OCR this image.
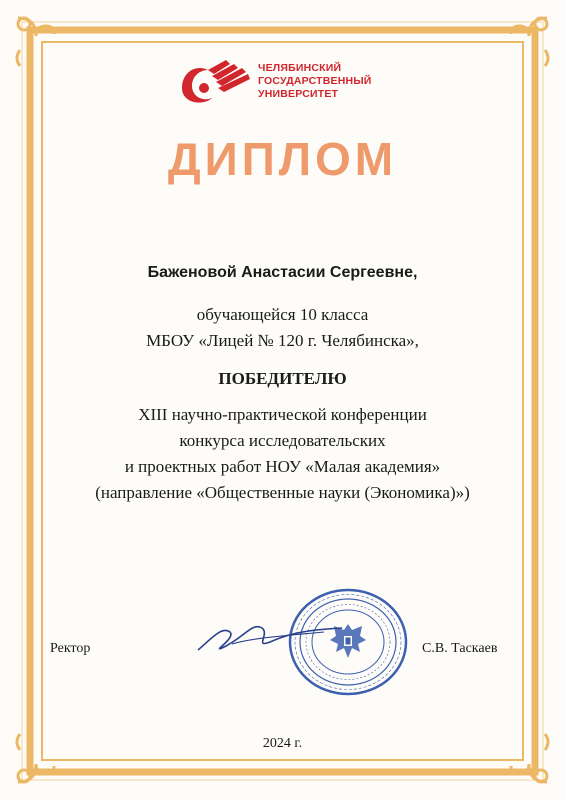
ЧЕЛЯБИНСКИЙ
ГОСУДАРСТВЕННЫЙ
УНИВЕРСИТЕТ
ДИПЛОМ
Баженовой Анастасии Сергеевне,
обучающейся 10 класса
МБОУ «Лицей № 120 г. Челябинска»,
ПОБЕДИТЕЛЮ
XIII научно-практической конференции
конкурса исследовательских
и проектных работ НОУ «Малая академия»
(направление «Общественные науки (Экономика)»)
Ректор	С.В. Таскаев
2024 г.
